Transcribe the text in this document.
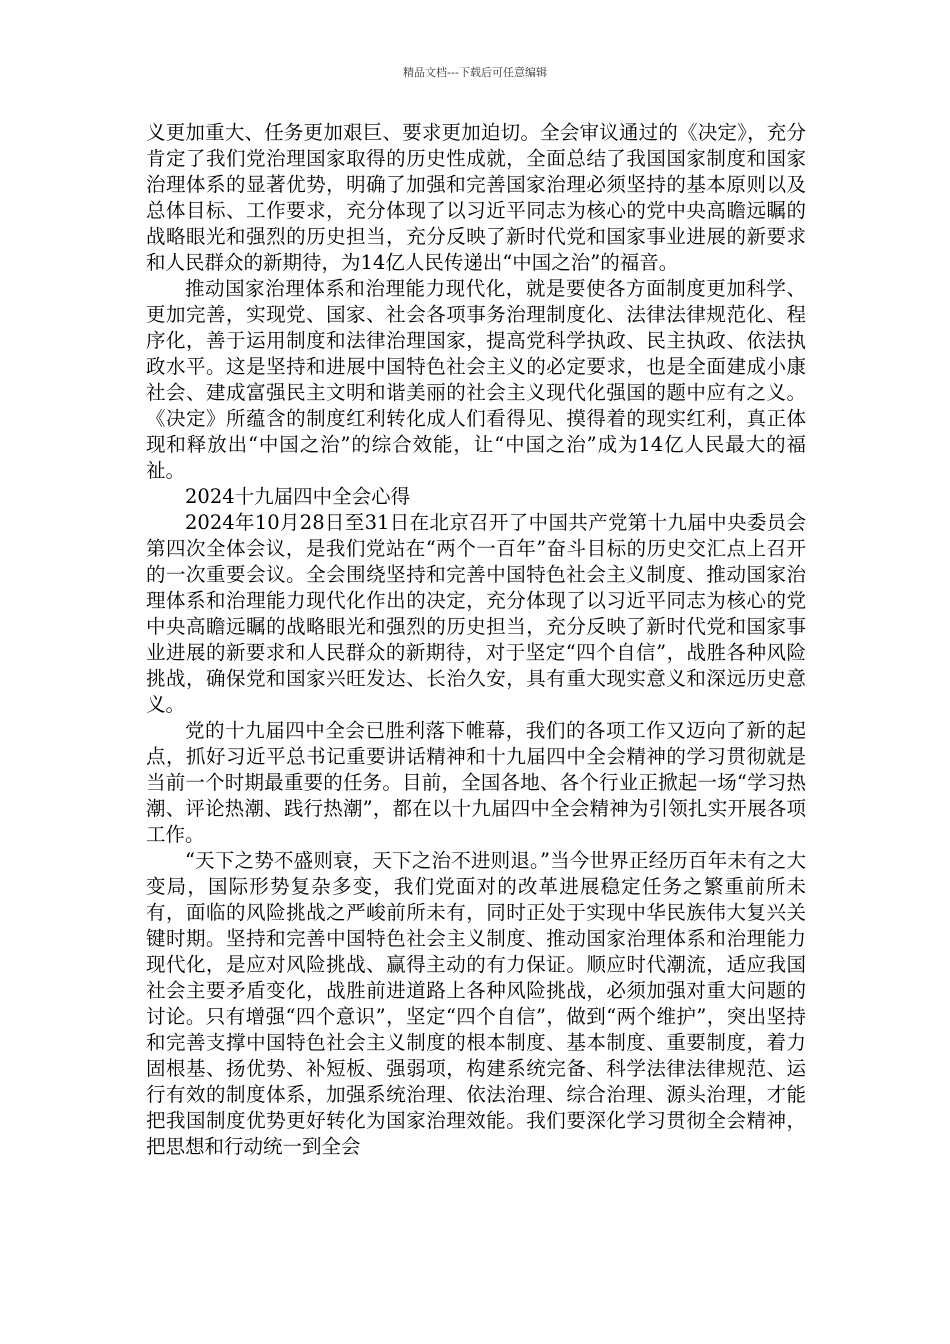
精品文档---下载后可任意编辑

义更加重大、任务更加艰巨、要求更加迫切。全会审议通过的《决定》，充分肯定了我们党治理国家取得的历史性成就，全面总结了我国国家制度和国家治理体系的显著优势，明确了加强和完善国家治理必须坚持的基本原则以及总体目标、工作要求，充分体现了以习近平同志为核心的党中央高瞻远瞩的战略眼光和强烈的历史担当，充分反映了新时代党和国家事业进展的新要求和人民群众的新期待，为14亿人民传递出“中国之治”的福音。

推动国家治理体系和治理能力现代化，就是要使各方面制度更加科学、更加完善，实现党、国家、社会各项事务治理制度化、法律法律规范化、程序化，善于运用制度和法律治理国家，提高党科学执政、民主执政、依法执政水平。这是坚持和进展中国特色社会主义的必定要求，也是全面建成小康社会、建成富强民主文明和谐美丽的社会主义现代化强国的题中应有之义。《决定》所蕴含的制度红利转化成人们看得见、摸得着的现实红利，真正体现和释放出“中国之治”的综合效能，让“中国之治”成为14亿人民最大的福祉。

2024十九届四中全会心得

2024年10月28日至31日在北京召开了中国共产党第十九届中央委员会第四次全体会议，是我们党站在“两个一百年”奋斗目标的历史交汇点上召开的一次重要会议。全会围绕坚持和完善中国特色社会主义制度、推动国家治理体系和治理能力现代化作出的决定，充分体现了以习近平同志为核心的党中央高瞻远瞩的战略眼光和强烈的历史担当，充分反映了新时代党和国家事业进展的新要求和人民群众的新期待，对于坚定“四个自信”，战胜各种风险挑战，确保党和国家兴旺发达、长治久安，具有重大现实意义和深远历史意义。

党的十九届四中全会已胜利落下帷幕，我们的各项工作又迈向了新的起点，抓好习近平总书记重要讲话精神和十九届四中全会精神的学习贯彻就是当前一个时期最重要的任务。目前，全国各地、各个行业正掀起一场“学习热潮、评论热潮、践行热潮”，都在以十九届四中全会精神为引领扎实开展各项工作。

“天下之势不盛则衰，天下之治不进则退。”当今世界正经历百年未有之大变局，国际形势复杂多变，我们党面对的改革进展稳定任务之繁重前所未有，面临的风险挑战之严峻前所未有，同时正处于实现中华民族伟大复兴关键时期。坚持和完善中国特色社会主义制度、推动国家治理体系和治理能力现代化，是应对风险挑战、赢得主动的有力保证。顺应时代潮流，适应我国社会主要矛盾变化，战胜前进道路上各种风险挑战，必须加强对重大问题的讨论。只有增强“四个意识”，坚定“四个自信”，做到“两个维护”，突出坚持和完善支撑中国特色社会主义制度的根本制度、基本制度、重要制度，着力固根基、扬优势、补短板、强弱项，构建系统完备、科学法律法律规范、运行有效的制度体系，加强系统治理、依法治理、综合治理、源头治理，才能把我国制度优势更好转化为国家治理效能。我们要深化学习贯彻全会精神，把思想和行动统一到全会
